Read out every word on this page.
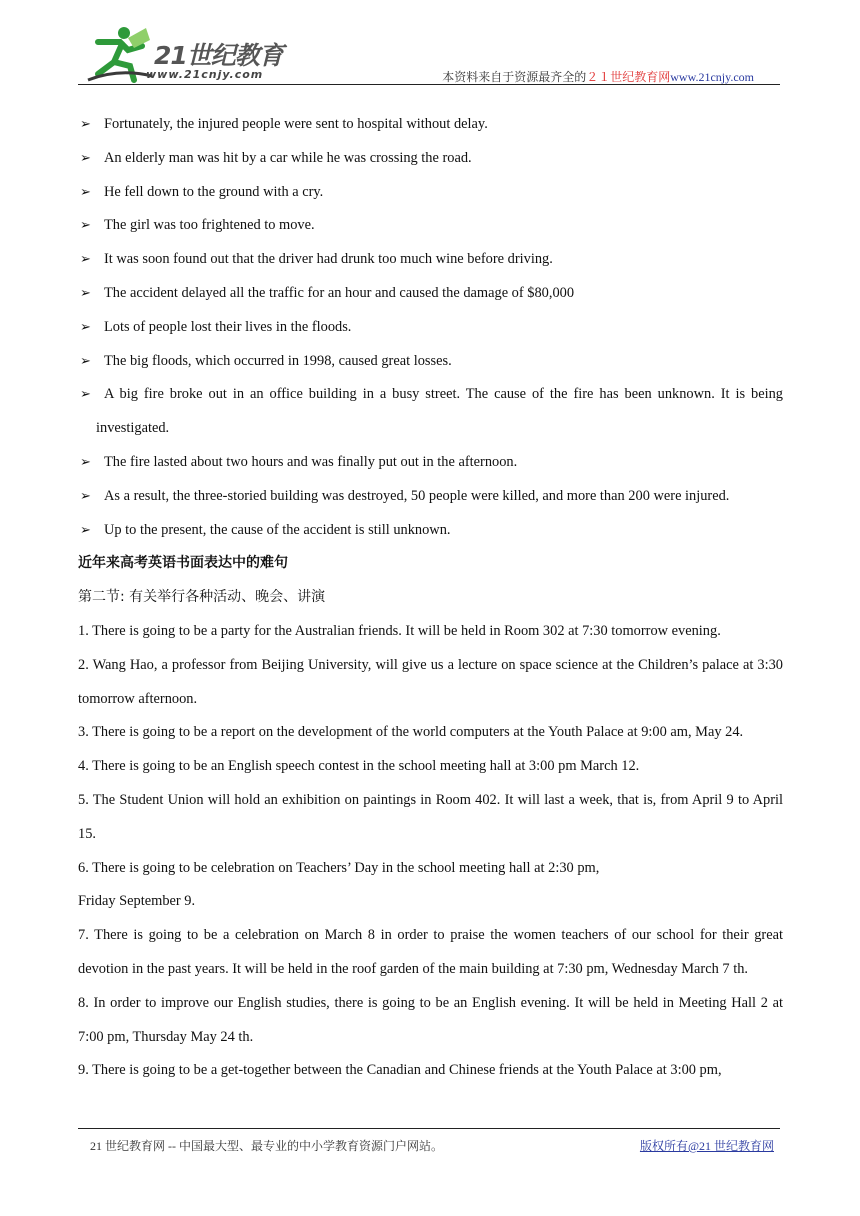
21世纪教育
www.21cnjy.com	本资料来自于资源最齐全的２１世纪教育网www.21cnjy.com
➢ Fortunately, the injured people were sent to hospital without delay.
➢ An elderly man was hit by a car while he was crossing the road.
➢ He fell down to the ground with a cry.
➢ The girl was too frightened to move.
➢ It was soon found out that the driver had drunk too much wine before driving.
➢ The accident delayed all the traffic for an hour and caused the damage of $80,000
➢ Lots of people lost their lives in the floods.
➢ The big floods, which occurred in 1998, caused great losses.
➢ A big fire broke out in an office building in a busy street. The cause of the fire has been unknown. It is being investigated.
➢ The fire lasted about two hours and was finally put out in the afternoon.
➢ As a result, the three-storied building was destroyed, 50 people were killed, and more than 200 were injured.
➢ Up to the present, the cause of the accident is still unknown.
近年来高考英语书面表达中的难句
第二节: 有关举行各种活动、晚会、讲演
1. There is going to be a party for the Australian friends. It will be held in Room 302 at 7:30 tomorrow evening.
2. Wang Hao, a professor from Beijing University, will give us a lecture on space science at the Children’s palace at 3:30 tomorrow afternoon.
3. There is going to be a report on the development of the world computers at the Youth Palace at 9:00 am, May 24.
4. There is going to be an English speech contest in the school meeting hall at 3:00 pm March 12.
5. The Student Union will hold an exhibition on paintings in Room 402. It will last a week, that is, from April 9 to April 15.
6. There is going to be celebration on Teachers’ Day in the school meeting hall at 2:30 pm,
Friday September 9.
7. There is going to be a celebration on March 8 in order to praise the women teachers of our school for their great devotion in the past years. It will be held in the roof garden of the main building at 7:30 pm, Wednesday March 7 th.
8. In order to improve our English studies, there is going to be an English evening. It will be held in Meeting Hall 2 at 7:00 pm, Thursday May 24 th.
9. There is going to be a get-together between the Canadian and Chinese friends at the Youth Palace at 3:00 pm,
21 世纪教育网 -- 中国最大型、最专业的中小学教育资源门户网站。	版权所有@21 世纪教育网
